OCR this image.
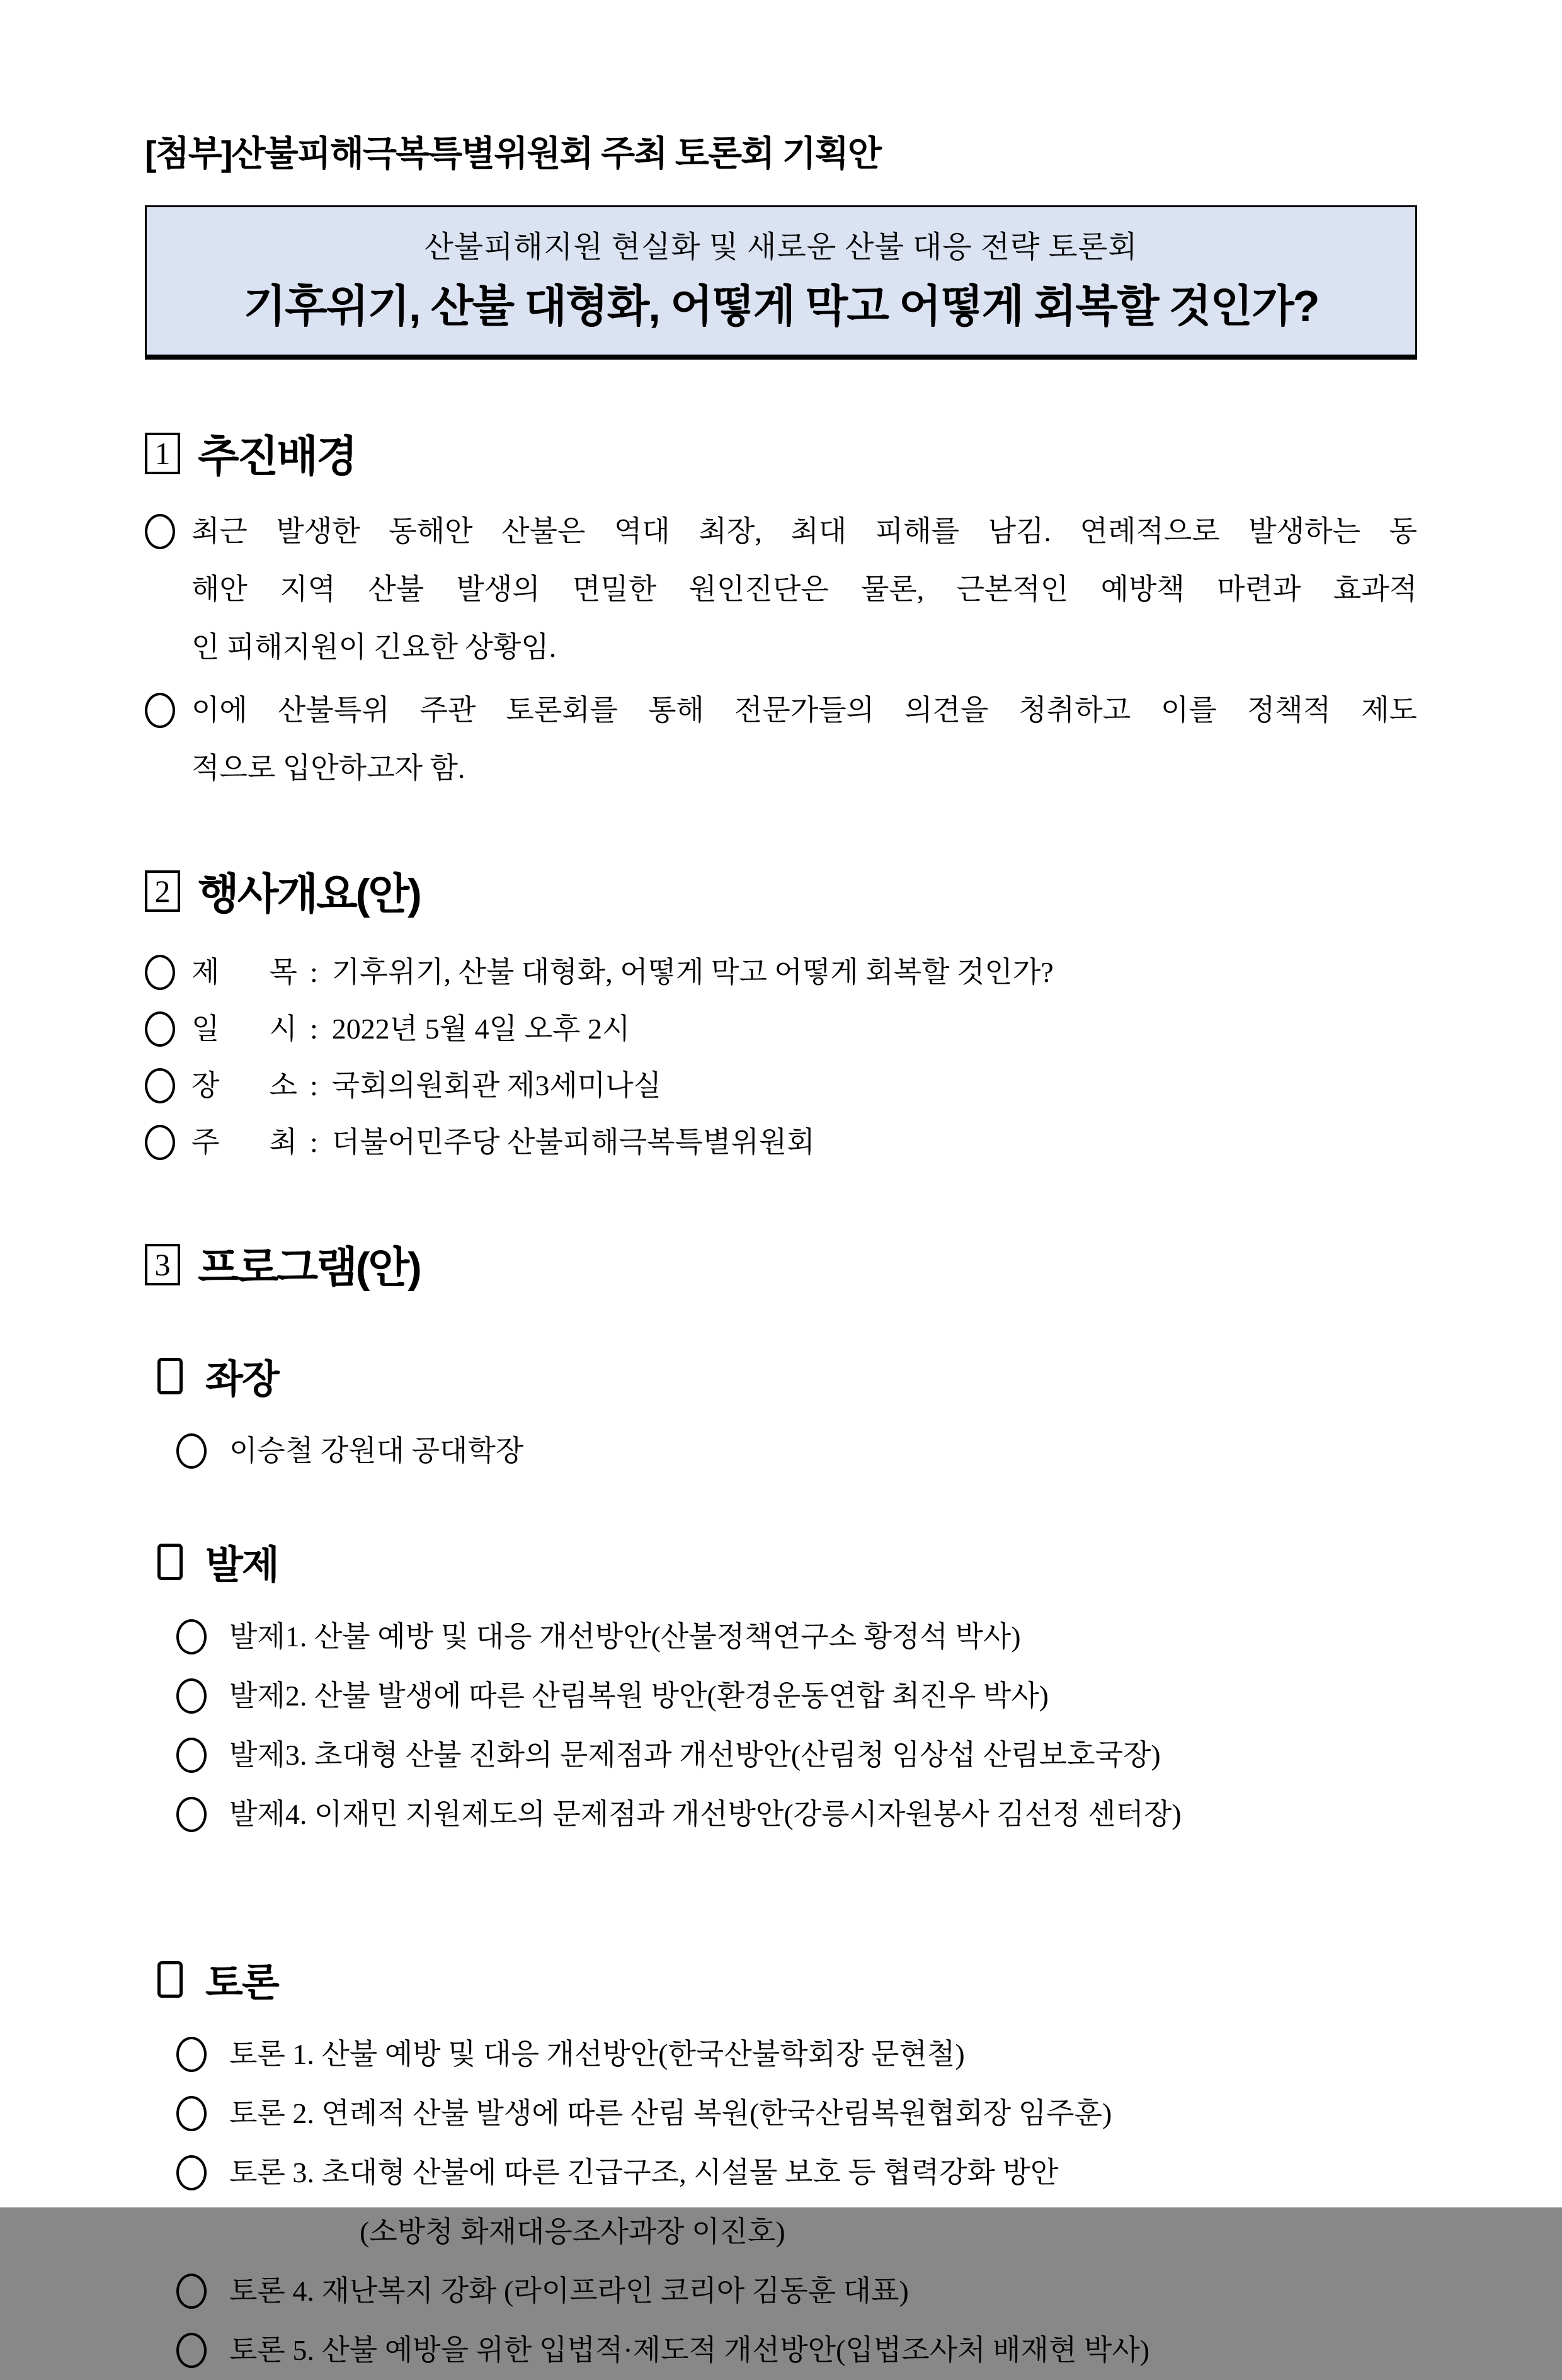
[첨부]산불피해극복특별위원회 주최 토론회 기획안
산불피해지원 현실화 및 새로운 산불 대응 전략 토론회
기후위기, 산불 대형화, 어떻게 막고 어떻게 회복할 것인가?
1 추진배경
최근 발생한 동해안 산불은 역대 최장, 최대 피해를 남김. 연례적으로 발생하는 동
해안 지역 산불 발생의 면밀한 원인진단은 물론, 근본적인 예방책 마련과 효과적
인 피해지원이 긴요한 상황임.
이에 산불특위 주관 토론회를 통해 전문가들의 의견을 청취하고 이를 정책적 제도
적으로 입안하고자 함.
2 행사개요(안)
제 목 : 기후위기, 산불 대형화, 어떻게 막고 어떻게 회복할 것인가?
일 시 : 2022년 5월 4일 오후 2시
장 소 : 국회의원회관 제3세미나실
주 최 : 더불어민주당 산불피해극복특별위원회
3 프로그램(안)
좌장
이승철 강원대 공대학장
발제
발제1. 산불 예방 및 대응 개선방안(산불정책연구소 황정석 박사)
발제2. 산불 발생에 따른 산림복원 방안(환경운동연합 최진우 박사)
발제3. 초대형 산불 진화의 문제점과 개선방안(산림청 임상섭 산림보호국장)
발제4. 이재민 지원제도의 문제점과 개선방안(강릉시자원봉사 김선정 센터장)
토론
토론 1. 산불 예방 및 대응 개선방안(한국산불학회장 문현철)
토론 2. 연례적 산불 발생에 따른 산림 복원(한국산림복원협회장 임주훈)
토론 3. 초대형 산불에 따른 긴급구조, 시설물 보호 등 협력강화 방안
(소방청 화재대응조사과장 이진호)
토론 4. 재난복지 강화 (라이프라인 코리아 김동훈 대표)
토론 5. 산불 예방을 위한 입법적·제도적 개선방안(입법조사처 배재현 박사)
